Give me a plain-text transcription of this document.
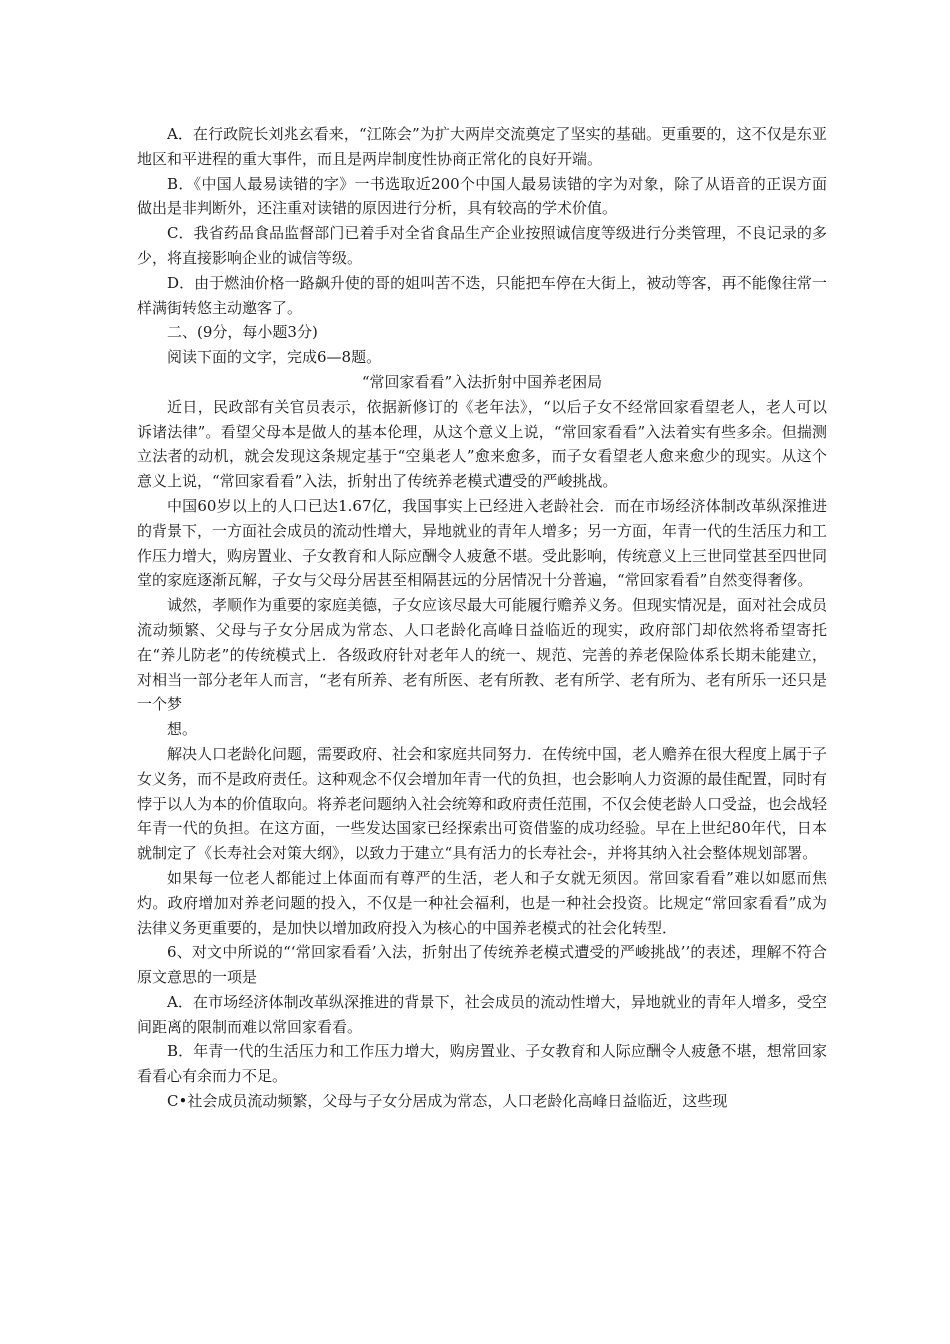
A．在行政院长刘兆玄看来，“江陈会”为扩大两岸交流奠定了坚实的基础。更重要的，这不仅是东亚地区和平进程的重大事件，而且是两岸制度性协商正常化的良好开端。

B．《中国人最易读错的字》一书选取近200个中国人最易读错的字为对象，除了从语音的正误方面做出是非判断外，还注重对读错的原因进行分析，具有较高的学术价值。

C．我省药品食品监督部门已着手对全省食品生产企业按照诚信度等级进行分类管理，不良记录的多少，将直接影响企业的诚信等级。

D．由于燃油价格一路飙升使的哥的姐叫苦不迭，只能把车停在大街上，被动等客，再不能像往常一样满街转悠主动邀客了。

二、(9分，每小题3分)

阅读下面的文字，完成6—8题。

“常回家看看”入法折射中国养老困局

近日，民政部有关官员表示，依据新修订的《老年法》，“以后子女不经常回家看望老人，老人可以诉诸法律”。看望父母本是做人的基本伦理，从这个意义上说，“常回家看看”入法着实有些多余。但揣测立法者的动机，就会发现这条规定基于“空巢老人”愈来愈多，而子女看望老人愈来愈少的现实。从这个意义上说，“常回家看看”入法，折射出了传统养老模式遭受的严峻挑战。

中国60岁以上的人口已达1.67亿，我国事实上已经进入老龄社会．而在市场经济体制改革纵深推进的背景下，一方面社会成员的流动性增大，异地就业的青年人增多；另一方面，年青一代的生活压力和工作压力增大，购房置业、子女教育和人际应酬令人疲惫不堪。受此影响，传统意义上三世同堂甚至四世同堂的家庭逐渐瓦解，子女与父母分居甚至相隔甚远的分居情况十分普遍，“常回家看看”自然变得奢侈。

诚然，孝顺作为重要的家庭美德，子女应该尽最大可能履行赡养义务。但现实情况是，面对社会成员流动频繁、父母与子女分居成为常态、人口老龄化高峰日益临近的现实，政府部门却依然将希望寄托在“养儿防老”的传统模式上．各级政府针对老年人的统一、规范、完善的养老保险体系长期未能建立，对相当一部分老年人而言，“老有所养、老有所医、老有所教、老有所学、老有所为、老有所乐一还只是一个梦

想。

解决人口老龄化问题，需要政府、社会和家庭共同努力．在传统中国，老人赡养在很大程度上属于子女义务，而不是政府责任。这种观念不仅会增加年青一代的负担，也会影响人力资源的最佳配置，同时有悖于以人为本的价值取向。将养老问题纳入社会统筹和政府责任范围，不仅会使老龄人口受益，也会战轻年青一代的负担。在这方面，一些发达国家已经探索出可资借鉴的成功经验。早在上世纪80年代，日本就制定了《长寿社会对策大纲》，以致力于建立“具有活力的长寿社会-，并将其纳入社会整体规划部署。

如果每一位老人都能过上体面而有尊严的生活，老人和子女就无须因。常回家看看”难以如愿而焦灼。政府增加对养老问题的投入，不仅是一种社会福利，也是一种社会投资。比规定“常回家看看”成为法律义务更重要的，是加快以增加政府投入为核心的中国养老模式的社会化转型．

6、对文中所说的“‘常回家看看’入法，折射出了传统养老模式遭受的严峻挑战’’的表述，理解不符合原文意思的一项是

A．在市场经济体制改革纵深推进的背景下，社会成员的流动性增大，异地就业的青年人增多，受空间距离的限制而难以常回家看看。

B．年青一代的生活压力和工作压力增大，购房置业、子女教育和人际应酬令人疲惫不堪，想常回家看看心有余而力不足。

C•社会成员流动频繁，父母与子女分居成为常态，人口老龄化高峰日益临近，这些现
